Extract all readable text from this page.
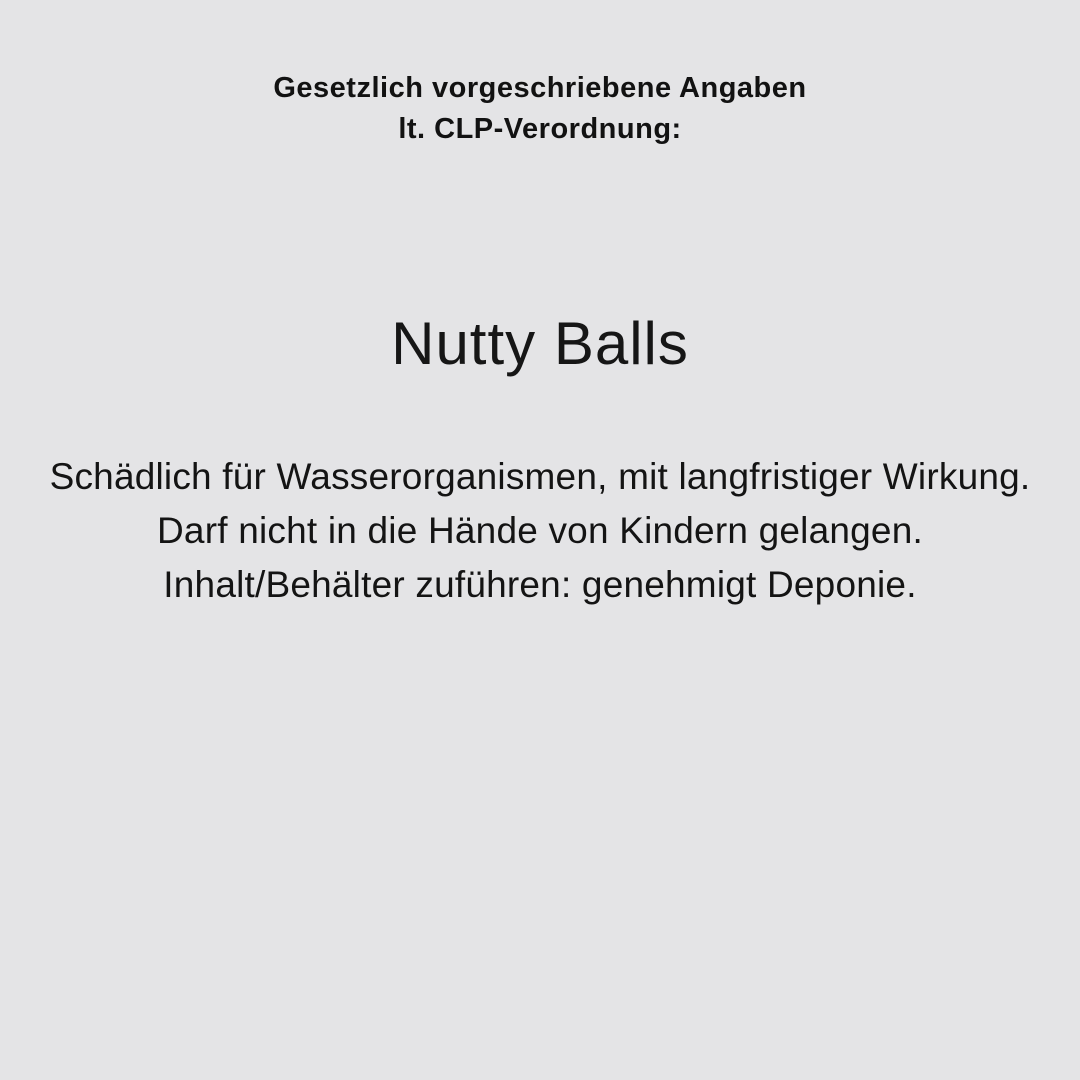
Gesetzlich vorgeschriebene Angaben
lt. CLP-Verordnung:
Nutty Balls

Schädlich für Wasserorganismen, mit langfristiger Wirkung.

Darf nicht in die Hände von Kindern gelangen.

Inhalt/Behälter zuführen: genehmigt Deponie.
